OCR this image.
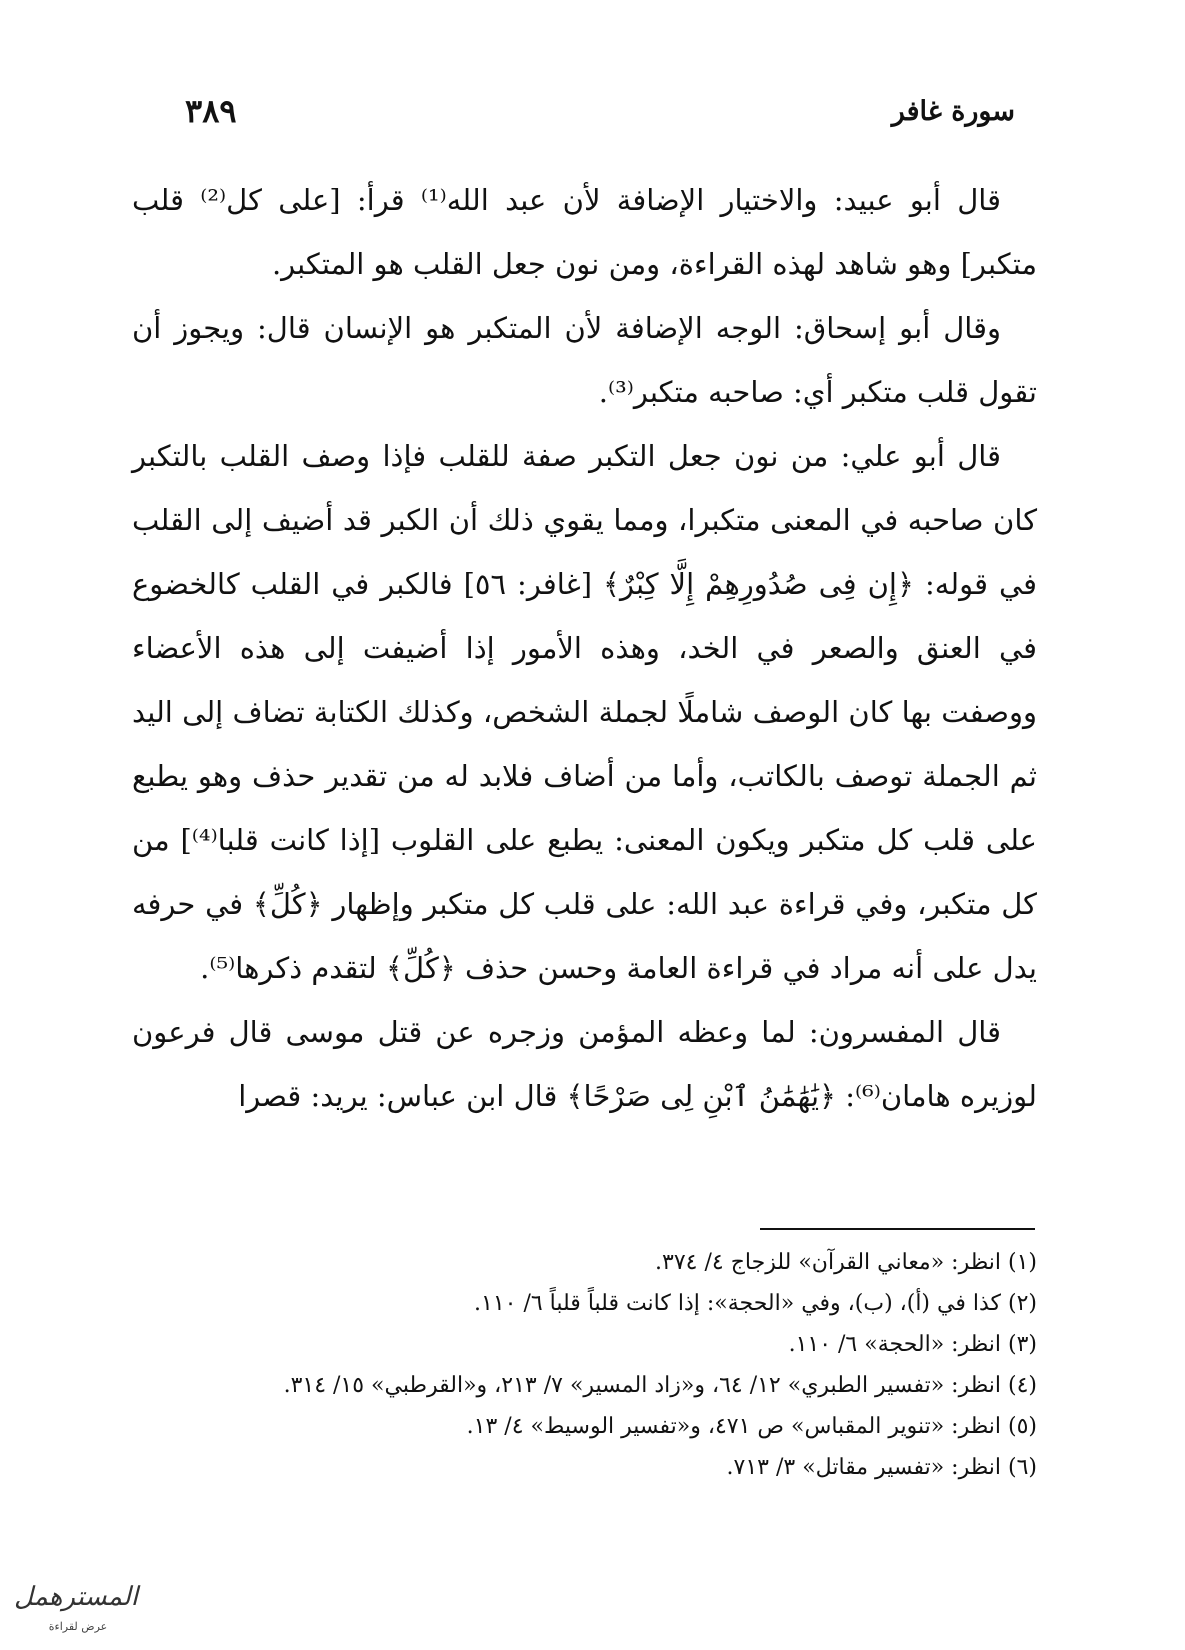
٣٨٩	سورة غافر

قال أبو عبيد: والاختيار الإضافة لأن عبد الله⁽¹⁾ قرأ: [على كل⁽²⁾ قلب متكبر] وهو شاهد لهذه القراءة، ومن نون جعل القلب هو المتكبر.

وقال أبو إسحاق: الوجه الإضافة لأن المتكبر هو الإنسان قال: ويجوز أن تقول قلب متكبر أي: صاحبه متكبر⁽³⁾.

قال أبو علي: من نون جعل التكبر صفة للقلب فإذا وصف القلب بالتكبر كان صاحبه في المعنى متكبرا، ومما يقوي ذلك أن الكبر قد أضيف إلى القلب في قوله: ﴿إِن فِى صُدُورِهِمْ إِلَّا كِبْرٌ﴾ [غافر: ٥٦] فالكبر في القلب كالخضوع في العنق والصعر في الخد، وهذه الأمور إذا أضيفت إلى هذه الأعضاء ووصفت بها كان الوصف شاملًا لجملة الشخص، وكذلك الكتابة تضاف إلى اليد ثم الجملة توصف بالكاتب، وأما من أضاف فلابد له من تقدير حذف وهو يطبع على قلب كل متكبر ويكون المعنى: يطبع على القلوب [إذا كانت قلبا⁽⁴⁾] من كل متكبر، وفي قراءة عبد الله: على قلب كل متكبر وإظهار ﴿كُلِّ﴾ في حرفه يدل على أنه مراد في قراءة العامة وحسن حذف ﴿كُلِّ﴾ لتقدم ذكرها⁽⁵⁾.

قال المفسرون: لما وعظه المؤمن وزجره عن قتل موسى قال فرعون لوزيره هامان⁽⁶⁾: ﴿يَٰهَٰمَٰنُ ٱبْنِ لِى صَرْحًا﴾ قال ابن عباس: يريد: قصرا

(١) انظر: «معاني القرآن» للزجاج ٤/ ٣٧٤.

(٢) كذا في (أ)، (ب)، وفي «الحجة»: إذا كانت قلباً قلباً ٦/ ١١٠.

(٣) انظر: «الحجة» ٦/ ١١٠.

(٤) انظر: «تفسير الطبري» ١٢/ ٦٤، و«زاد المسير» ٧/ ٢١٣، و«القرطبي» ١٥/ ٣١٤.

(٥) انظر: «تنوير المقباس» ص ٤٧١، و«تفسير الوسيط» ٤/ ١٣.

(٦) انظر: «تفسير مقاتل» ٣/ ٧١٣.

المسترهمل
عرض لقراءة
